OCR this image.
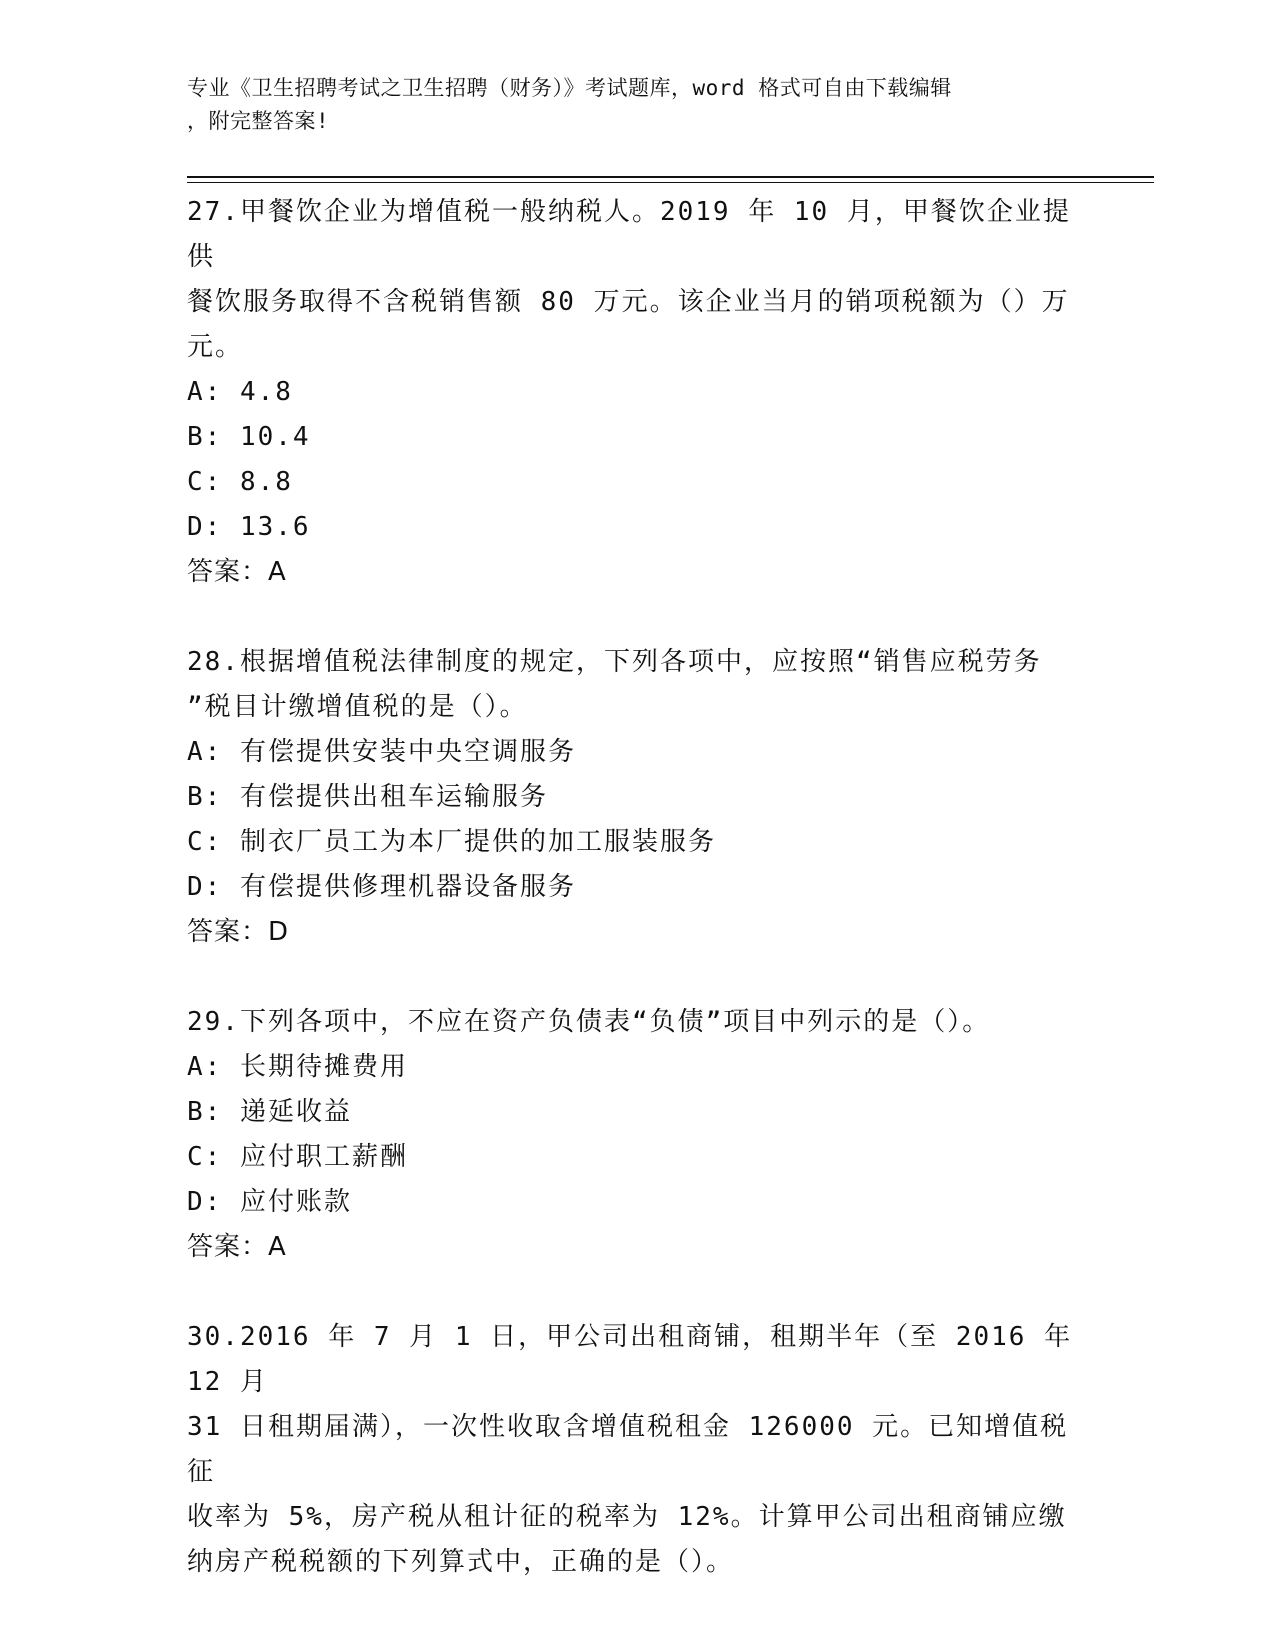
专业《卫生招聘考试之卫生招聘（财务）》考试题库，word 格式可自由下载编辑
，附完整答案!

27.甲餐饮企业为增值税一般纳税人。2019 年 10 月，甲餐饮企业提供

餐饮服务取得不含税销售额 80 万元。该企业当月的销项税额为（）万

元。

A: 4.8

B: 10.4

C: 8.8

D: 13.6

答案：A

28.根据增值税法律制度的规定，下列各项中，应按照“销售应税劳务

”税目计缴增值税的是（）。

A: 有偿提供安装中央空调服务

B: 有偿提供出租车运输服务

C: 制衣厂员工为本厂提供的加工服装服务

D: 有偿提供修理机器设备服务

答案：D

29.下列各项中，不应在资产负债表“负债”项目中列示的是（）。

A: 长期待摊费用

B: 递延收益

C: 应付职工薪酬

D: 应付账款

答案：A

30.2016 年 7 月 1 日，甲公司出租商铺，租期半年（至 2016 年 12 月

31 日租期届满），一次性收取含增值税租金 126000 元。已知增值税征

收率为 5%，房产税从租计征的税率为 12%。计算甲公司出租商铺应缴

纳房产税税额的下列算式中，正确的是（）。
